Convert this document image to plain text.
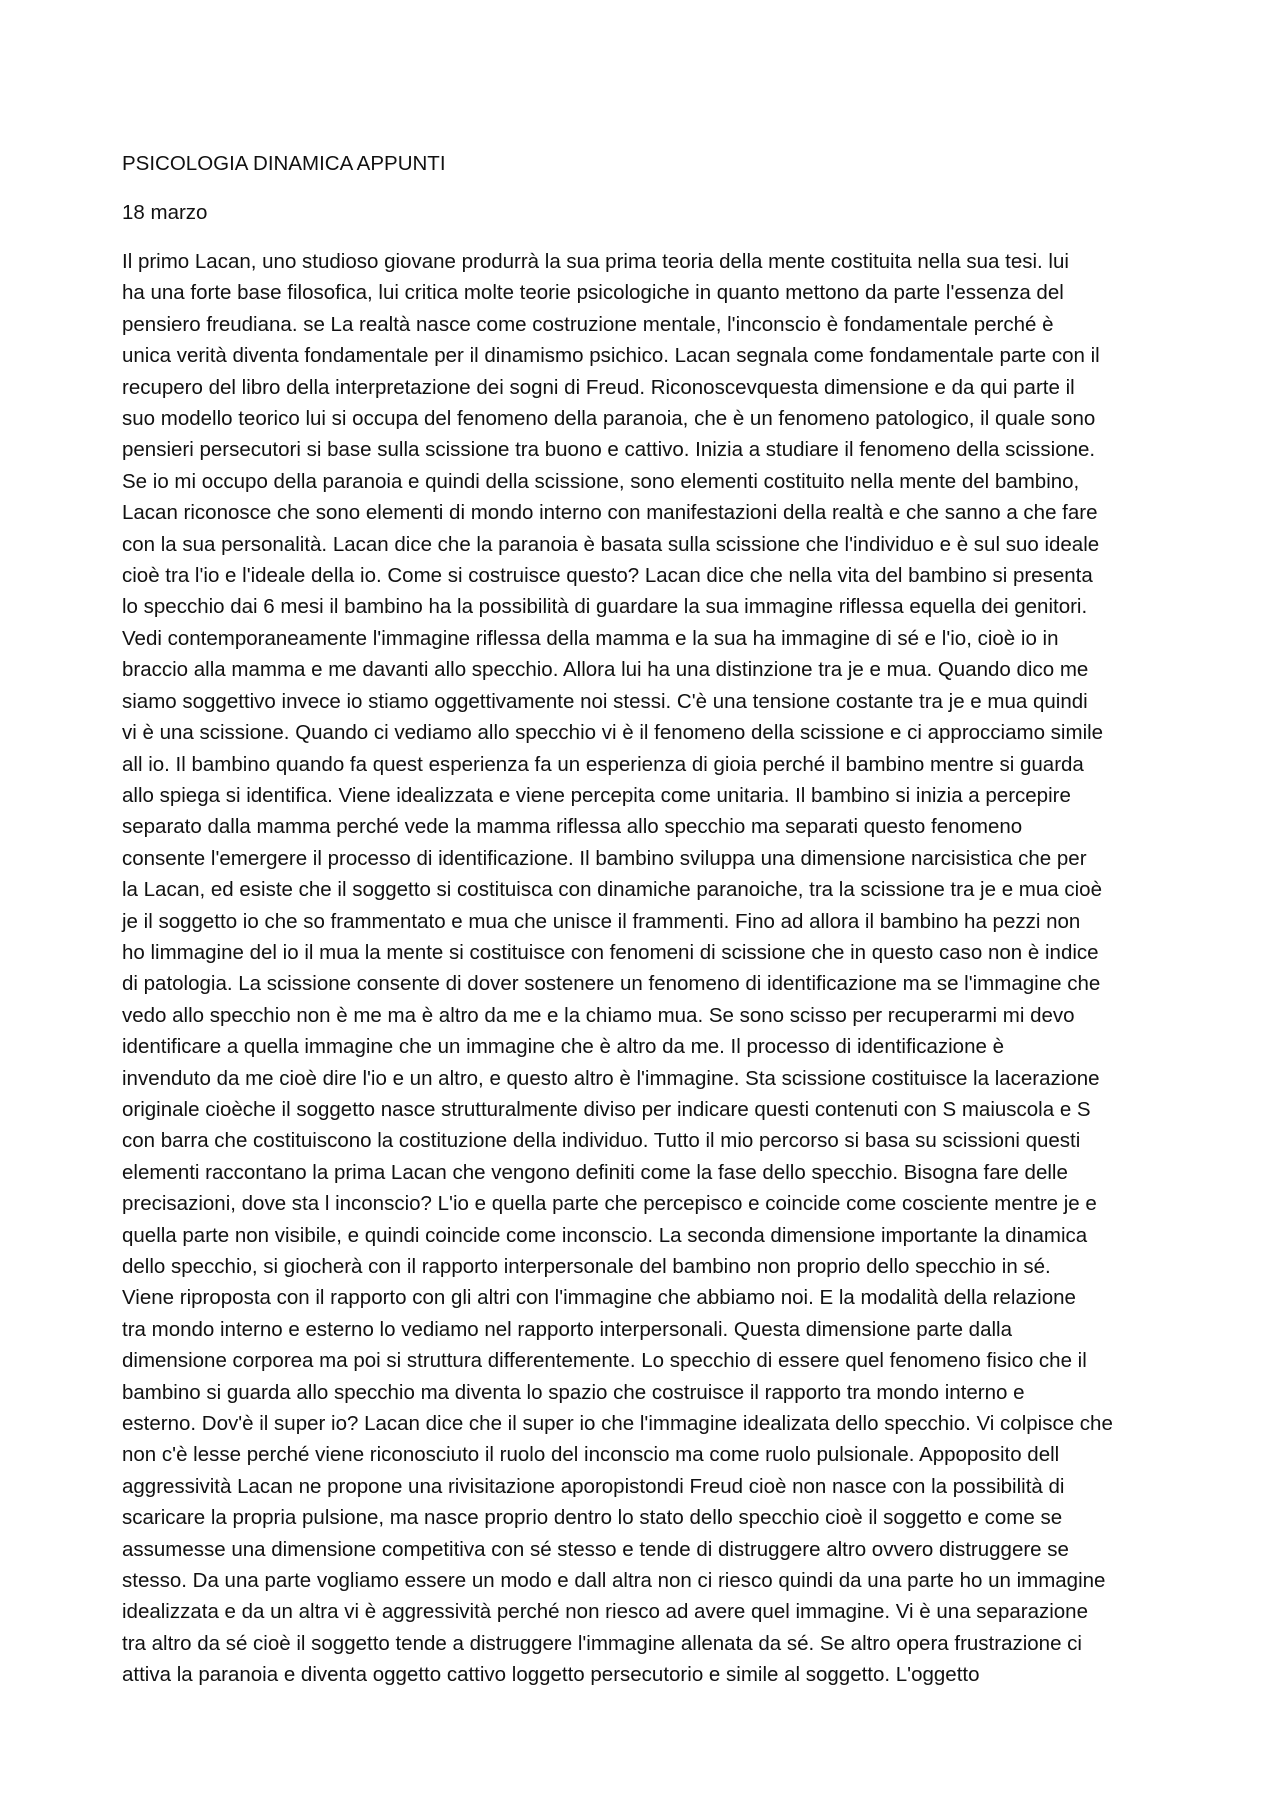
PSICOLOGIA DINAMICA APPUNTI
18 marzo
Il primo Lacan, uno studioso giovane produrrà la sua prima teoria della mente costituita nella sua tesi. lui
ha una forte base filosofica, lui critica molte teorie psicologiche in quanto mettono da parte l'essenza del
pensiero freudiana. se La realtà nasce come costruzione mentale, l'inconscio è fondamentale perché è
unica verità diventa fondamentale per il dinamismo psichico. Lacan segnala come fondamentale parte con il
recupero del libro della interpretazione dei sogni di Freud. Riconoscevquesta dimensione e da qui parte il
suo modello teorico lui si occupa del fenomeno della paranoia, che è un fenomeno patologico, il quale sono
pensieri persecutori si base sulla scissione tra buono e cattivo. Inizia a studiare il fenomeno della scissione.
Se io mi occupo della paranoia e quindi della scissione, sono elementi costituito nella mente del bambino,
Lacan riconosce che sono elementi di mondo interno con manifestazioni della realtà e che sanno a che fare
con la sua personalità. Lacan dice che la paranoia è basata sulla scissione che l'individuo e è sul suo ideale
cioè tra l'io e l'ideale della io. Come si costruisce questo? Lacan dice che nella vita del bambino si presenta
lo specchio dai 6 mesi il bambino ha la possibilità di guardare la sua immagine riflessa equella dei genitori.
Vedi contemporaneamente l'immagine riflessa della mamma e la sua ha immagine di sé e l'io, cioè io in
braccio alla mamma e me davanti allo specchio. Allora lui ha una distinzione tra je e mua. Quando dico me
siamo soggettivo invece io stiamo oggettivamente noi stessi. C'è una tensione costante tra je e mua quindi
vi è una scissione. Quando ci vediamo allo specchio vi è il fenomeno della scissione e ci approcciamo simile
all io. Il bambino quando fa quest esperienza fa un esperienza di gioia perché il bambino mentre si guarda
allo spiega si identifica. Viene idealizzata e viene percepita come unitaria. Il bambino si inizia a percepire
separato dalla mamma perché vede la mamma riflessa allo specchio ma separati questo fenomeno
consente l'emergere il processo di identificazione. Il bambino sviluppa una dimensione narcisistica che per
la Lacan, ed esiste che il soggetto si costituisca con dinamiche paranoiche, tra la scissione tra je e mua cioè
je il soggetto io che so frammentato e mua che unisce il frammenti. Fino ad allora il bambino ha pezzi non
ho limmagine del io il mua la mente si costituisce con fenomeni di scissione che in questo caso non è indice
di patologia. La scissione consente di dover sostenere un fenomeno di identificazione ma se l'immagine che
vedo allo specchio non è me ma è altro da me e la chiamo mua. Se sono scisso per recuperarmi mi devo
identificare a quella immagine che un immagine che è altro da me. Il processo di identificazione è
invenduto da me cioè dire l'io e un altro, e questo altro è l'immagine. Sta scissione costituisce la lacerazione
originale cioèche il soggetto nasce strutturalmente diviso per indicare questi contenuti con S maiuscola e S
con barra che costituiscono la costituzione della individuo. Tutto il mio percorso si basa su scissioni questi
elementi raccontano la prima Lacan che vengono definiti come la fase dello specchio. Bisogna fare delle
precisazioni, dove sta l inconscio? L'io e quella parte che percepisco e coincide come cosciente mentre je e
quella parte non visibile, e quindi coincide come inconscio. La seconda dimensione importante la dinamica
dello specchio, si giocherà con il rapporto interpersonale del bambino non proprio dello specchio in sé.
Viene riproposta con il rapporto con gli altri con l'immagine che abbiamo noi. E la modalità della relazione
tra mondo interno e esterno lo vediamo nel rapporto interpersonali. Questa dimensione parte dalla
dimensione corporea ma poi si struttura differentemente. Lo specchio di essere quel fenomeno fisico che il
bambino si guarda allo specchio ma diventa lo spazio che costruisce il rapporto tra mondo interno e
esterno. Dov'è il super io? Lacan dice che il super io che l'immagine idealizata dello specchio. Vi colpisce che
non c'è lesse perché viene riconosciuto il ruolo del inconscio ma come ruolo pulsionale. Appoposito dell
aggressività Lacan ne propone una rivisitazione aporopistondi Freud cioè non nasce con la possibilità di
scaricare la propria pulsione, ma nasce proprio dentro lo stato dello specchio cioè il soggetto e come se
assumesse una dimensione competitiva con sé stesso e tende di distruggere altro ovvero distruggere se
stesso. Da una parte vogliamo essere un modo e dall altra non ci riesco quindi da una parte ho un immagine
idealizzata e da un altra vi è aggressività perché non riesco ad avere quel immagine. Vi è una separazione
tra altro da sé cioè il soggetto tende a distruggere l'immagine allenata da sé. Se altro opera frustrazione ci
attiva la paranoia e diventa oggetto cattivo loggetto persecutorio e simile al soggetto. L'oggetto
